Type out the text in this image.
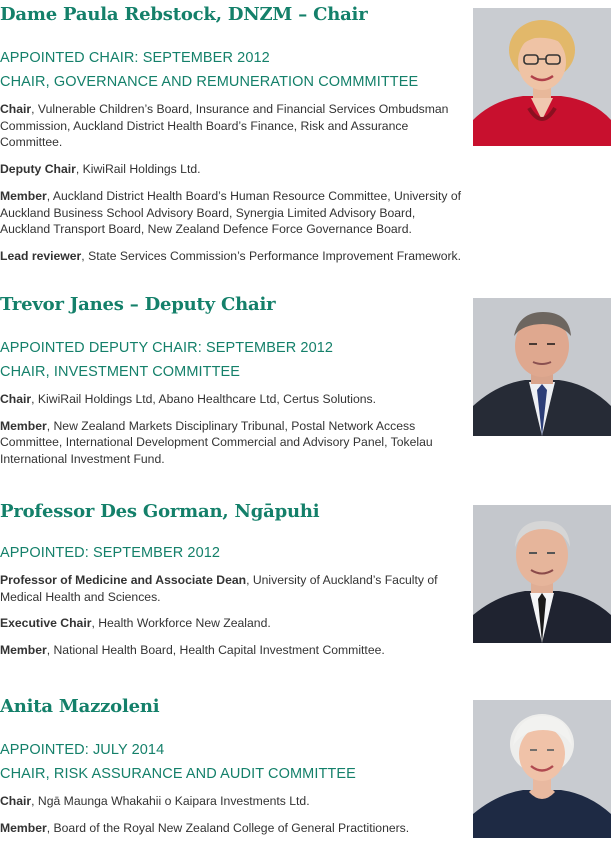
Dame Paula Rebstock, DNZM – Chair

APPOINTED CHAIR: SEPTEMBER 2012

CHAIR, GOVERNANCE AND REMUNERATION COMMMITTEE

Chair, Vulnerable Children’s Board, Insurance and Financial Services Ombudsman Commission, Auckland District Health Board’s Finance, Risk and Assurance Committee.

Deputy Chair, KiwiRail Holdings Ltd.

Member, Auckland District Health Board’s Human Resource Committee, University of Auckland Business School Advisory Board, Synergia Limited Advisory Board, Auckland Transport Board, New Zealand Defence Force Governance Board.

Lead reviewer, State Services Commission’s Performance Improvement Framework.

Trevor Janes – Deputy Chair

APPOINTED DEPUTY CHAIR: SEPTEMBER 2012

CHAIR, INVESTMENT COMMITTEE

Chair, KiwiRail Holdings Ltd, Abano Healthcare Ltd, Certus Solutions.

Member, New Zealand Markets Disciplinary Tribunal, Postal Network Access Committee, International Development Commercial and Advisory Panel, Tokelau International Investment Fund.

Professor Des Gorman, Ngāpuhi

APPOINTED: SEPTEMBER 2012

Professor of Medicine and Associate Dean, University of Auckland’s Faculty of Medical Health and Sciences.

Executive Chair, Health Workforce New Zealand.

Member, National Health Board, Health Capital Investment Committee.

Anita Mazzoleni

APPOINTED: JULY 2014

CHAIR, RISK ASSURANCE AND AUDIT COMMITTEE

Chair, Ngā Maunga Whakahii o Kaipara Investments Ltd.

Member, Board of the Royal New Zealand College of General Practitioners.
